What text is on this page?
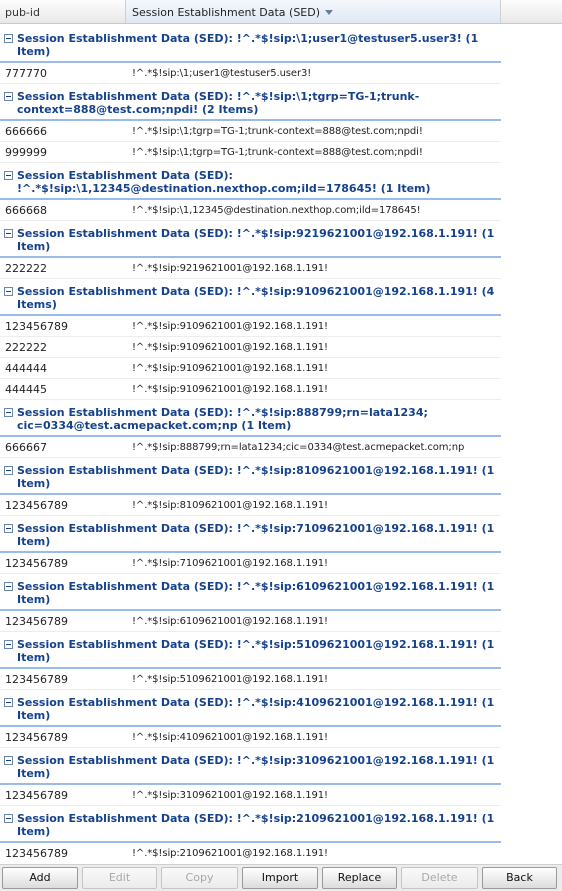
pub-id	Session Establishment Data (SED)
Session Establishment Data (SED): !^.*$!sip:\1;user1@testuser5.user3! (1 Item)
777770	!^.*$!sip:\1;user1@testuser5.user3!
Session Establishment Data (SED): !^.*$!sip:\1;tgrp=TG-1;trunk-context=888@test.com;npdi! (2 Items)
666666	!^.*$!sip:\1;tgrp=TG-1;trunk-context=888@test.com;npdi!
999999	!^.*$!sip:\1;tgrp=TG-1;trunk-context=888@test.com;npdi!
Session Establishment Data (SED): !^.*$!sip:\1,12345@destination.nexthop.com;ild=178645! (1 Item)
666668	!^.*$!sip:\1,12345@destination.nexthop.com;ild=178645!
Session Establishment Data (SED): !^.*$!sip:9219621001@192.168.1.191! (1 Item)
222222	!^.*$!sip:9219621001@192.168.1.191!
Session Establishment Data (SED): !^.*$!sip:9109621001@192.168.1.191! (4 Items)
123456789	!^.*$!sip:9109621001@192.168.1.191!
222222	!^.*$!sip:9109621001@192.168.1.191!
444444	!^.*$!sip:9109621001@192.168.1.191!
444445	!^.*$!sip:9109621001@192.168.1.191!
Session Establishment Data (SED): !^.*$!sip:888799;rn=lata1234; cic=0334@test.acmepacket.com;np (1 Item)
666667	!^.*$!sip:888799;rn=lata1234;cic=0334@test.acmepacket.com;np
Session Establishment Data (SED): !^.*$!sip:8109621001@192.168.1.191! (1 Item)
123456789	!^.*$!sip:8109621001@192.168.1.191!
Session Establishment Data (SED): !^.*$!sip:7109621001@192.168.1.191! (1 Item)
123456789	!^.*$!sip:7109621001@192.168.1.191!
Session Establishment Data (SED): !^.*$!sip:6109621001@192.168.1.191! (1 Item)
123456789	!^.*$!sip:6109621001@192.168.1.191!
Session Establishment Data (SED): !^.*$!sip:5109621001@192.168.1.191! (1 Item)
123456789	!^.*$!sip:5109621001@192.168.1.191!
Session Establishment Data (SED): !^.*$!sip:4109621001@192.168.1.191! (1 Item)
123456789	!^.*$!sip:4109621001@192.168.1.191!
Session Establishment Data (SED): !^.*$!sip:3109621001@192.168.1.191! (1 Item)
123456789	!^.*$!sip:3109621001@192.168.1.191!
Session Establishment Data (SED): !^.*$!sip:2109621001@192.168.1.191! (1 Item)
123456789	!^.*$!sip:2109621001@192.168.1.191!
Add	Edit	Copy	Import	Replace	Delete	Back
